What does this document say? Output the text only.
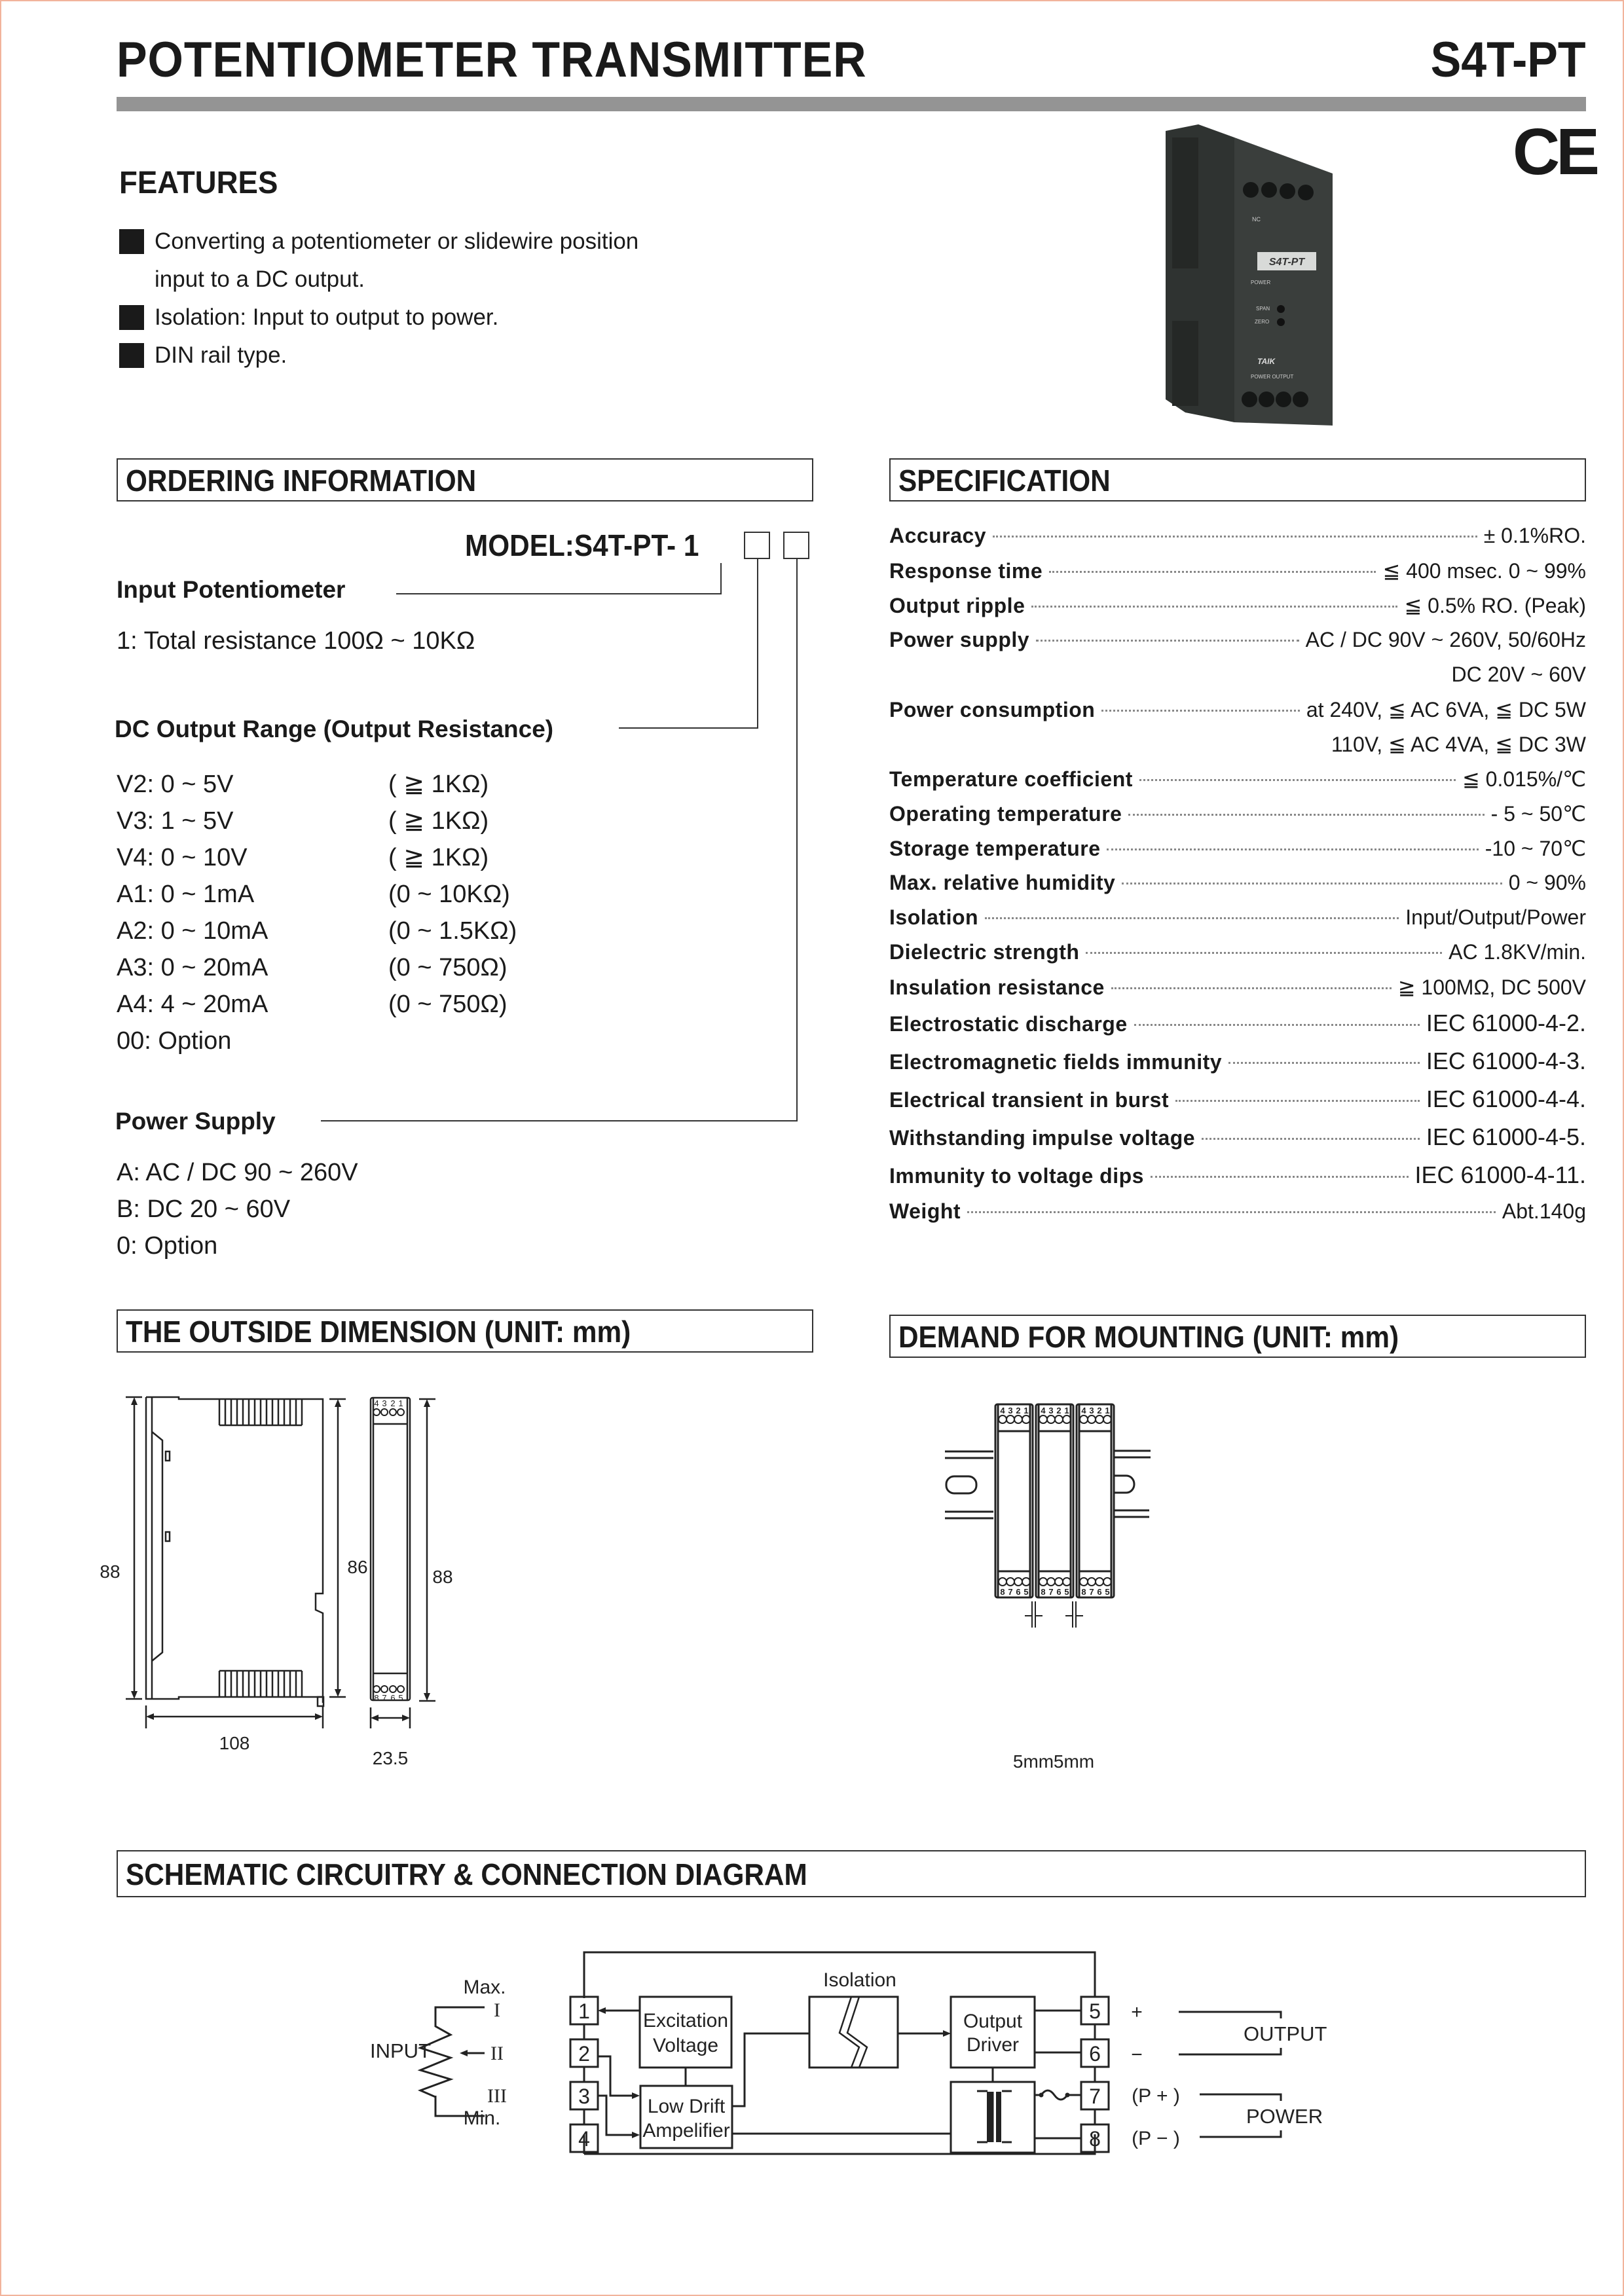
POTENTIOMETER TRANSMITTER	S4T-PT
CE
FEATURES
Converting a potentiometer or slidewire position
input to a DC output.
Isolation: Input to output to power.
DIN rail type.
S4T-PT
NC
POWER
SPAN
ZERO
TAIK
POWER OUTPUT
ORDERING INFORMATION
MODEL:S4T-PT- 1
Input Potentiometer
1: Total resistance 100Ω ~ 10KΩ
DC Output Range (Output Resistance)
V2: 0 ~ 5V	( ≧ 1KΩ)
V3: 1 ~ 5V	( ≧ 1KΩ)
V4: 0 ~ 10V	( ≧ 1KΩ)
A1: 0 ~ 1mA	(0 ~ 10KΩ)
A2: 0 ~ 10mA	(0 ~ 1.5KΩ)
A3: 0 ~ 20mA	(0 ~ 750Ω)
A4: 4 ~ 20mA	(0 ~ 750Ω)
00: Option
Power Supply
A: AC / DC 90 ~ 260V
B: DC 20 ~ 60V
0: Option
SPECIFICATION
Accuracy	± 0.1%RO.
Response time	≦ 400 msec. 0 ~ 99%
Output ripple	≦ 0.5% RO. (Peak)
Power supply	AC / DC 90V ~ 260V, 50/60Hz
DC 20V ~ 60V
Power consumption	at 240V, ≦ AC 6VA, ≦ DC 5W
110V, ≦ AC 4VA, ≦ DC 3W
Temperature coefficient	≦ 0.015%/℃
Operating temperature	- 5 ~ 50℃
Storage temperature	-10 ~ 70℃
Max. relative humidity	0 ~ 90%
Isolation	Input/Output/Power
Dielectric strength	AC 1.8KV/min.
Insulation resistance	≧ 100MΩ, DC 500V
Electrostatic discharge	IEC 61000-4-2.
Electromagnetic fields immunity	IEC 61000-4-3.
Electrical transient in burst	IEC 61000-4-4.
Withstanding impulse voltage	IEC 61000-4-5.
Immunity to voltage dips	IEC 61000-4-11.
Weight	Abt.140g
THE OUTSIDE DIMENSION (UNIT: mm)
88	86
108
88
23.5
4 3 2 1
8 7 6 5
DEMAND FOR MOUNTING (UNIT: mm)
4 3 2 1 4 3 2 1 4 3 2 1
8 7 6 5 8 7 6 5 8 7 6 5
5mm 5mm
SCHEMATIC CIRCUITRY & CONNECTION DIAGRAM
1
2
3
4
5
6
7
8
I
II
III
Max.
Min.
Excitation
Voltage
Low Drift
Ampelifier
Isolation
Output
Driver
+
−
(P + )
(P − )
INPUT
OUTPUT
POWER
